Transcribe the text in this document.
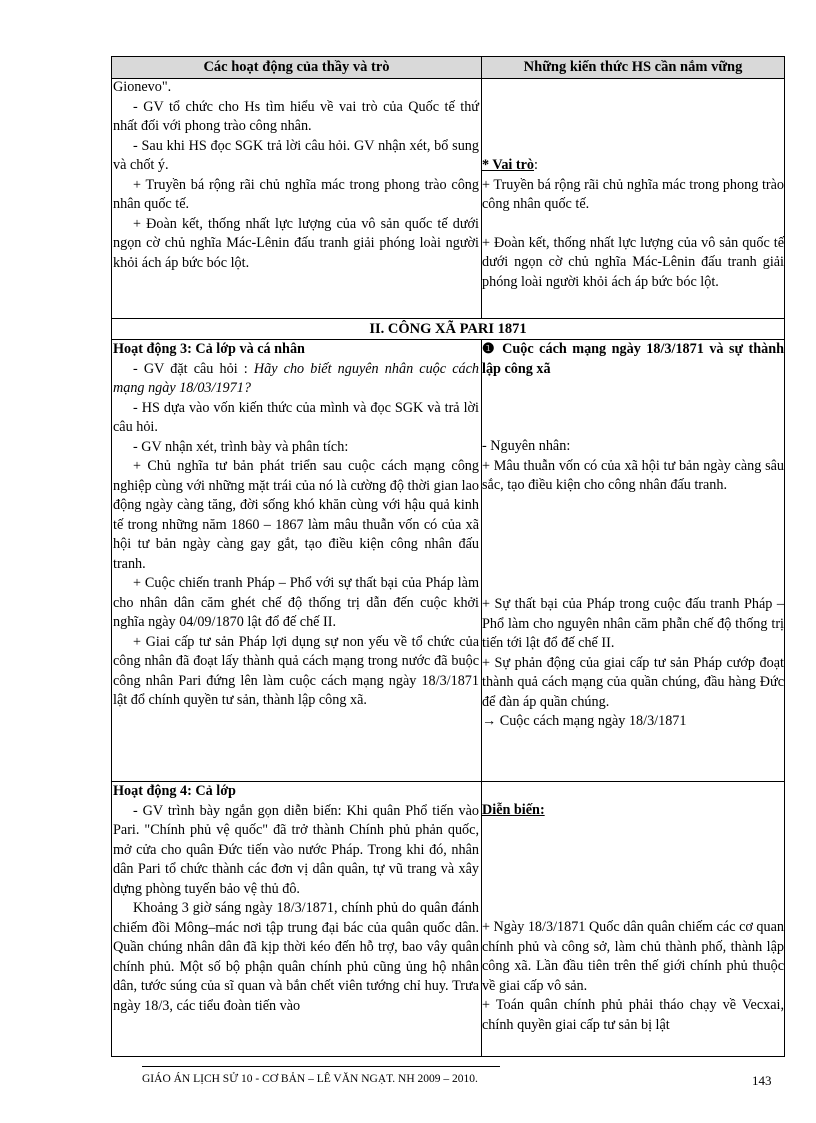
Các hoạt động của thầy và trò	Những kiến thức HS cần nắm vững

Gionevo".

- GV tổ chức cho Hs tìm hiểu về vai trò của Quốc tế thứ nhất đối với phong trào công nhân.

- Sau khi HS đọc SGK trả lời câu hỏi. GV nhận xét, bổ sung và chốt ý.

+ Truyền bá rộng rãi chủ nghĩa mác trong phong trào công nhân quốc tế.

+ Đoàn kết, thống nhất lực lượng của vô sản quốc tế dưới ngọn cờ chủ nghĩa Mác-Lênin đấu tranh giải phóng loài người khỏi ách áp bức bóc lột.

* Vai trò:

+ Truyền bá rộng rãi chủ nghĩa mác trong phong trào công nhân quốc tế.

+ Đoàn kết, thống nhất lực lượng của vô sản quốc tế dưới ngọn cờ chủ nghĩa Mác-Lênin đấu tranh giải phóng loài người khỏi ách áp bức bóc lột.

II. CÔNG XÃ PARI 1871

Hoạt động 3: Cả lớp và cá nhân

- GV đặt câu hỏi : Hãy cho biết nguyên nhân cuộc cách mạng ngày 18/03/1971?

- HS dựa vào vốn kiến thức của mình và đọc SGK và trả lời câu hỏi.

- GV nhận xét, trình bày và phân tích:

+ Chủ nghĩa tư bản phát triển sau cuộc cách mạng công nghiệp cùng với những mặt trái của nó là cường độ thời gian lao động ngày càng tăng, đời sống khó khăn cùng với hậu quả kinh tế trong những năm 1860 – 1867 làm mâu thuẫn vốn có của xã hội tư bản ngày càng gay gắt, tạo điều kiện công nhân đấu tranh.

+ Cuộc chiến tranh Pháp – Phổ với sự thất bại của Pháp làm cho nhân dân căm ghét chế độ thống trị dẫn đến cuộc khởi nghĩa ngày 04/09/1870 lật đổ đế chế II.

+ Giai cấp tư sản Pháp lợi dụng sự non yếu về tổ chức của công nhân đã đoạt lấy thành quả cách mạng trong nước đã buộc công nhân Pari đứng lên làm cuộc cách mạng ngày 18/3/1871 lật đổ chính quyền tư sản, thành lập công xã.

❶ Cuộc cách mạng ngày 18/3/1871 và sự thành lập công xã

- Nguyên nhân:

+ Mâu thuẫn vốn có của xã hội tư bản ngày càng sâu sắc, tạo điều kiện cho công nhân đấu tranh.

+ Sự thất bại của Pháp trong cuộc đấu tranh Pháp – Phổ làm cho nguyên nhân căm phẫn chế độ thống trị tiến tới lật đổ đế chế II.

+ Sự phản động của giai cấp tư sản Pháp cướp đoạt thành quả cách mạng của quần chúng, đầu hàng Đức để đàn áp quần chúng.

→ Cuộc cách mạng ngày 18/3/1871

Hoạt động 4: Cả lớp

- GV trình bày ngắn gọn diễn biến: Khi quân Phổ tiến vào Pari. "Chính phủ vệ quốc" đã trở thành Chính phủ phản quốc, mở cửa cho quân Đức tiến vào nước Pháp. Trong khi đó, nhân dân Pari tổ chức thành các đơn vị dân quân, tự vũ trang và xây dựng phòng tuyến bảo vệ thủ đô.

Khoảng 3 giờ sáng ngày 18/3/1871, chính phủ do quân đánh chiếm đồi Mông–mác nơi tập trung đại bác của quân quốc dân. Quần chúng nhân dân đã kịp thời kéo đến hỗ trợ, bao vây quân chính phủ. Một số bộ phận quân chính phủ cũng ủng hộ nhân dân, tước súng của sĩ quan và bắn chết viên tướng chỉ huy. Trưa ngày 18/3, các tiểu đoàn tiến vào

Diễn biến:

+ Ngày 18/3/1871 Quốc dân quân chiếm các cơ quan chính phủ và công sở, làm chủ thành phố, thành lập công xã. Lần đầu tiên trên thế giới chính phủ thuộc về giai cấp vô sản.

+ Toán quân chính phủ phải tháo chạy về Vecxai, chính quyền giai cấp tư sản bị lật

GIÁO ÁN LỊCH SỬ 10 - CƠ BẢN – LÊ VĂN NGẠT. NH 2009 – 2010.	143
